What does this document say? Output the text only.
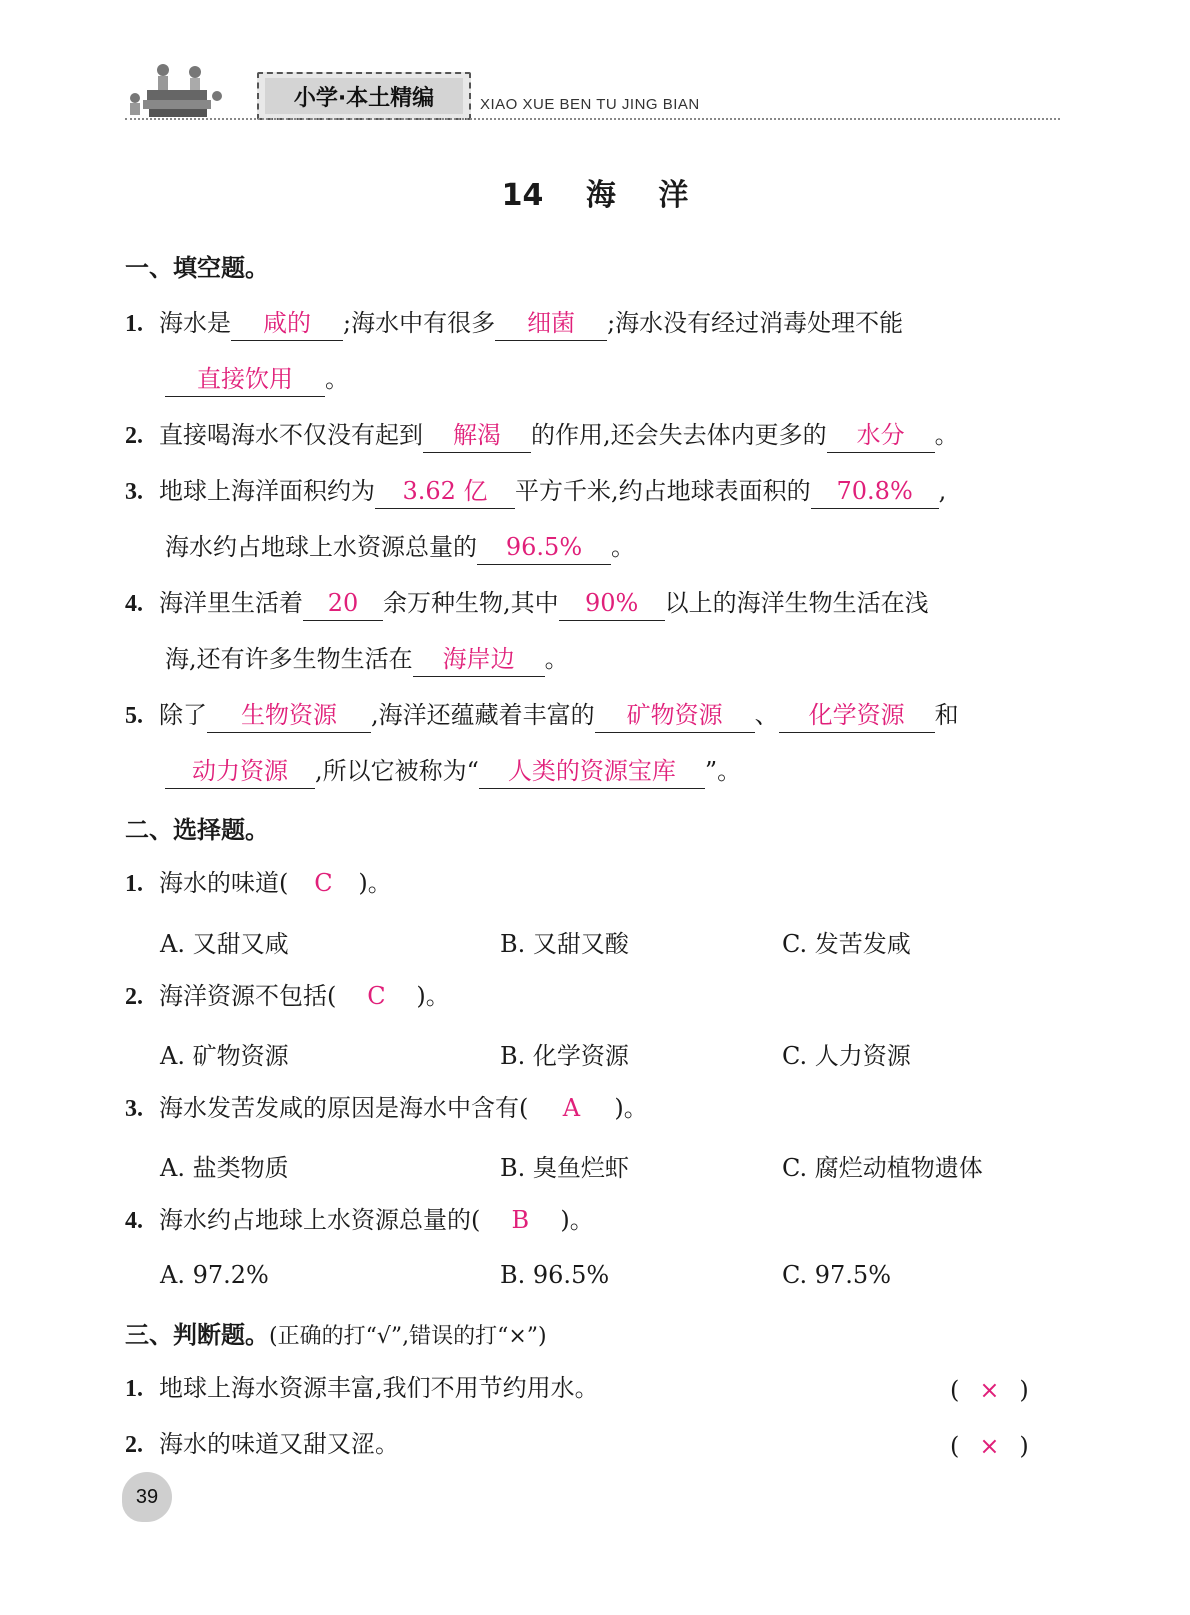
小学·本土精编	XIAO XUE BEN TU JING BIAN
14 海 洋
一、填空题。
1. 海水是 咸的 ;海水中有很多 细菌 ;海水没有经过消毒处理不能
直接饮用 。
2. 直接喝海水不仅没有起到 解渴 的作用,还会失去体内更多的 水分 。
3. 地球上海洋面积约为 3.62 亿 平方千米,约占地球表面积的 70.8% ,
海水约占地球上水资源总量的 96.5% 。
4. 海洋里生活着 20 余万种生物,其中 90% 以上的海洋生物生活在浅
海,还有许多生物生活在 海岸边 。
5. 除了 生物资源 ,海洋还蕴藏着丰富的 矿物资源 、 化学资源 和
动力资源 ,所以它被称为“ 人类的资源宝库 ”。
二、选择题。
1. 海水的味道( C )。
A. 又甜又咸	B. 又甜又酸	C. 发苦发咸
2. 海洋资源不包括( C )。
A. 矿物资源	B. 化学资源	C. 人力资源
3. 海水发苦发咸的原因是海水中含有( A )。
A. 盐类物质	B. 臭鱼烂虾	C. 腐烂动植物遗体
4. 海水约占地球上水资源总量的( B )。
A. 97.2%	B. 96.5%	C. 97.5%
三、判断题。(正确的打“√”,错误的打“×”)
1. 地球上海水资源丰富,我们不用节约用水。	( × )
2. 海水的味道又甜又涩。	( × )
39
